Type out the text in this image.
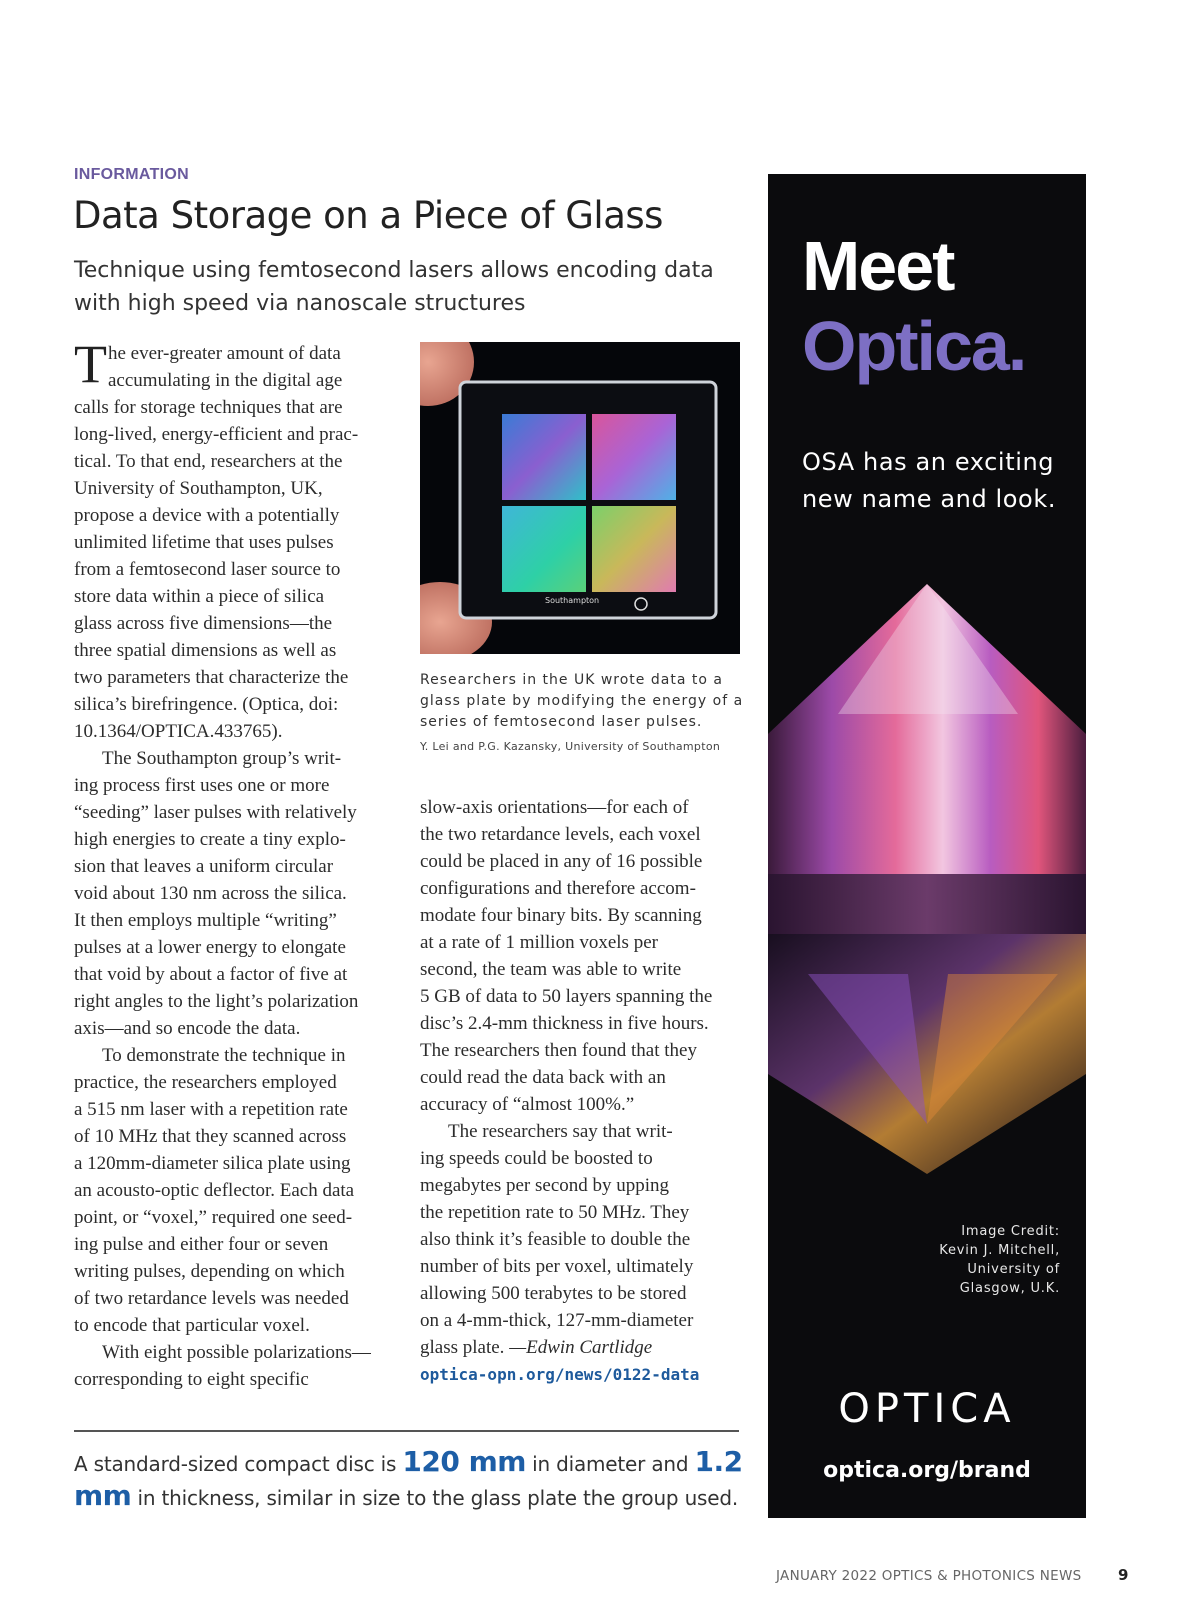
INFORMATION
Data Storage on a Piece of Glass
Technique using femtosecond lasers allows encoding data with high speed via nanoscale structures
T he ever-greater amount of data
accumulating in the digital age
calls for storage techniques that are
long-lived, energy-efficient and prac-
tical. To that end, researchers at the
University of Southampton, UK,
propose a device with a potentially
unlimited lifetime that uses pulses
from a femtosecond laser source to
store data within a piece of silica
glass across five dimensions—the
three spatial dimensions as well as
two parameters that characterize the
silica’s birefringence. (Optica, doi:
10.1364/OPTICA.433765).
The Southampton group’s writ-
ing process first uses one or more
“seeding” laser pulses with relatively
high energies to create a tiny explo-
sion that leaves a uniform circular
void about 130 nm across the silica.
It then employs multiple “writing”
pulses at a lower energy to elongate
that void by about a factor of five at
right angles to the light’s polarization
axis—and so encode the data.
To demonstrate the technique in
practice, the researchers employed
a 515 nm laser with a repetition rate
of 10 MHz that they scanned across
a 120mm-diameter silica plate using
an acousto-optic deflector. Each data
point, or “voxel,” required one seed-
ing pulse and either four or seven
writing pulses, depending on which
of two retardance levels was needed
to encode that particular voxel.
With eight possible polarizations—
corresponding to eight specific
Southampton
Researchers in the UK wrote data to a glass plate by modifying the energy of a series of femtosecond laser pulses.
Y. Lei and P.G. Kazansky, University of Southampton
slow-axis orientations—for each of
the two retardance levels, each voxel
could be placed in any of 16 possible
configurations and therefore accom-
modate four binary bits. By scanning
at a rate of 1 million voxels per
second, the team was able to write
5 GB of data to 50 layers spanning the
disc’s 2.4-mm thickness in five hours.
The researchers then found that they
could read the data back with an
accuracy of “almost 100%.”
The researchers say that writ-
ing speeds could be boosted to
megabytes per second by upping
the repetition rate to 50 MHz. They
also think it’s feasible to double the
number of bits per voxel, ultimately
allowing 500 terabytes to be stored
on a 4-mm-thick, 127-mm-diameter
glass plate. —Edwin Cartlidge
optica-opn.org/news/0122-data
A standard-sized compact disc is 120 mm in diameter and 1.2 mm in thickness, similar in size to the glass plate the group used.
Meet
Optica.
OSA has an exciting new name and look.
Image Credit:
Kevin J. Mitchell,
University of
Glasgow, U.K.
OPTICA
optica.org/brand
JANUARY 2022 OPTICS & PHOTONICS NEWS 9
